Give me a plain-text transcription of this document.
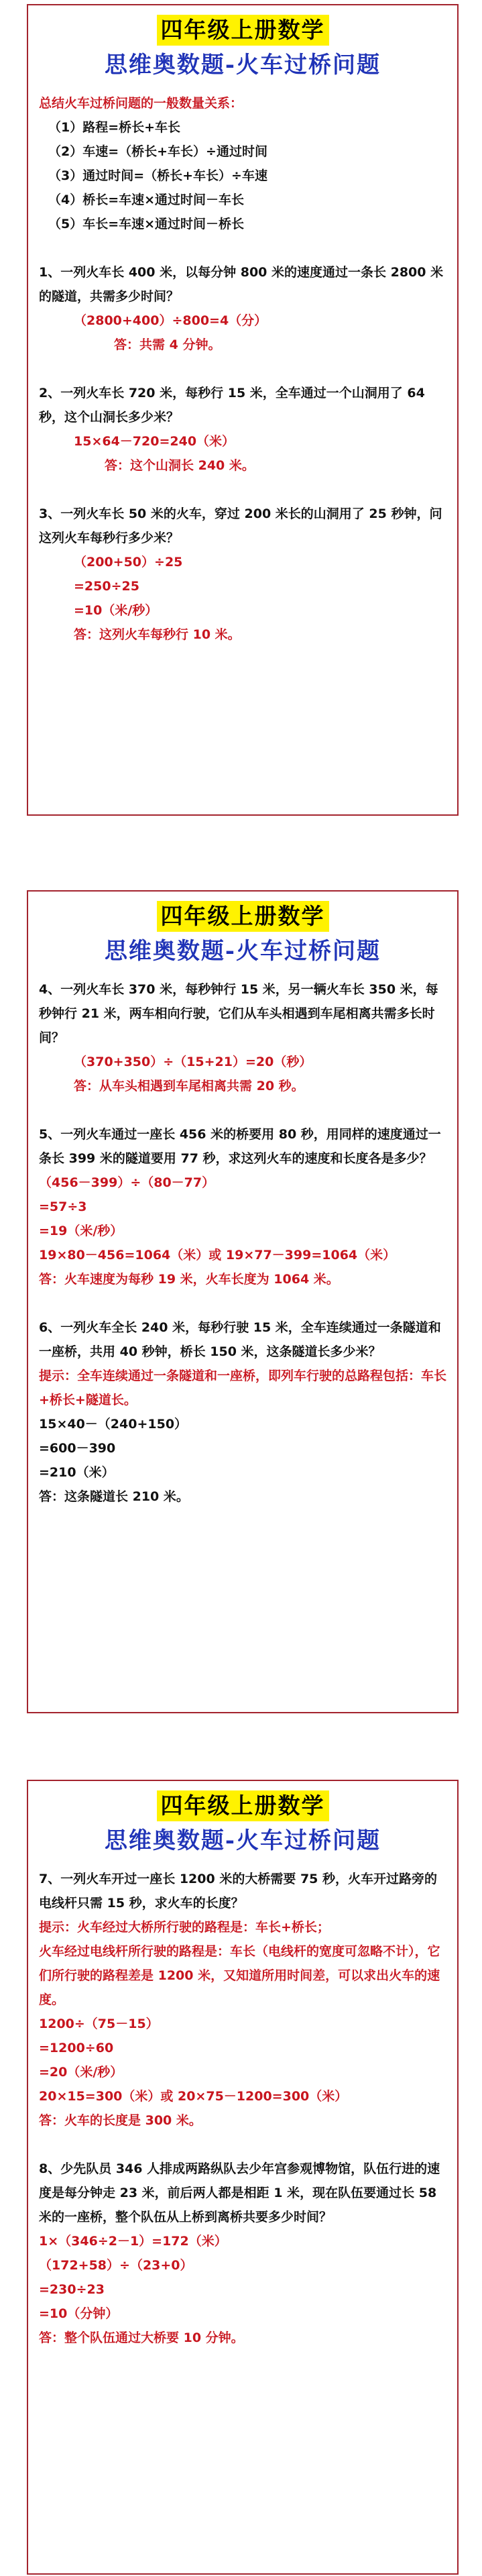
四年级上册数学
思维奥数题-火车过桥问题
总结火车过桥问题的一般数量关系：
（1）路程=桥长+车长
（2）车速=（桥长+车长）÷通过时间
（3）通过时间=（桥长+车长）÷车速
（4）桥长=车速×通过时间－车长
（5）车长=车速×通过时间－桥长
1、一列火车长 400 米，以每分钟 800 米的速度通过一条长 2800 米的隧道，共需多少时间？
（2800+400）÷800=4（分）
答：共需 4 分钟。
2、一列火车长 720 米，每秒行 15 米，全车通过一个山洞用了 64 秒，这个山洞长多少米？
15×64－720=240（米）
答：这个山洞长 240 米。
3、一列火车长 50 米的火车，穿过 200 米长的山洞用了 25 秒钟，问这列火车每秒行多少米？
（200+50）÷25
=250÷25
=10（米/秒）
答：这列火车每秒行 10 米。
四年级上册数学
思维奥数题-火车过桥问题
4、一列火车长 370 米，每秒钟行 15 米，另一辆火车长 350 米，每秒钟行 21 米，两车相向行驶，它们从车头相遇到车尾相离共需多长时间？
（370+350）÷（15+21）=20（秒）
答：从车头相遇到车尾相离共需 20 秒。
5、一列火车通过一座长 456 米的桥要用 80 秒，用同样的速度通过一条长 399 米的隧道要用 77 秒，求这列火车的速度和长度各是多少？
（456－399）÷（80－77）
=57÷3
=19（米/秒）
19×80－456=1064（米）或 19×77－399=1064（米）
答：火车速度为每秒 19 米，火车长度为 1064 米。
6、一列火车全长 240 米，每秒行驶 15 米，全车连续通过一条隧道和一座桥，共用 40 秒钟，桥长 150 米，这条隧道长多少米？
提示：全车连续通过一条隧道和一座桥，即列车行驶的总路程包括：车长+桥长+隧道长。
15×40－（240+150）
=600－390
=210（米）
答：这条隧道长 210 米。
四年级上册数学
思维奥数题-火车过桥问题
7、一列火车开过一座长 1200 米的大桥需要 75 秒，火车开过路旁的电线杆只需 15 秒，求火车的长度？
提示：火车经过大桥所行驶的路程是：车长+桥长；
火车经过电线杆所行驶的路程是：车长（电线杆的宽度可忽略不计），它们所行驶的路程差是 1200 米，又知道所用时间差，可以求出火车的速度。
1200÷（75－15）
=1200÷60
=20（米/秒）
20×15=300（米）或 20×75－1200=300（米）
答：火车的长度是 300 米。
8、少先队员 346 人排成两路纵队去少年宫参观博物馆，队伍行进的速度是每分钟走 23 米，前后两人都是相距 1 米，现在队伍要通过长 58 米的一座桥，整个队伍从上桥到离桥共要多少时间？
1×（346÷2－1）=172（米）
（172+58）÷（23+0）
=230÷23
=10（分钟）
答：整个队伍通过大桥要 10 分钟。
